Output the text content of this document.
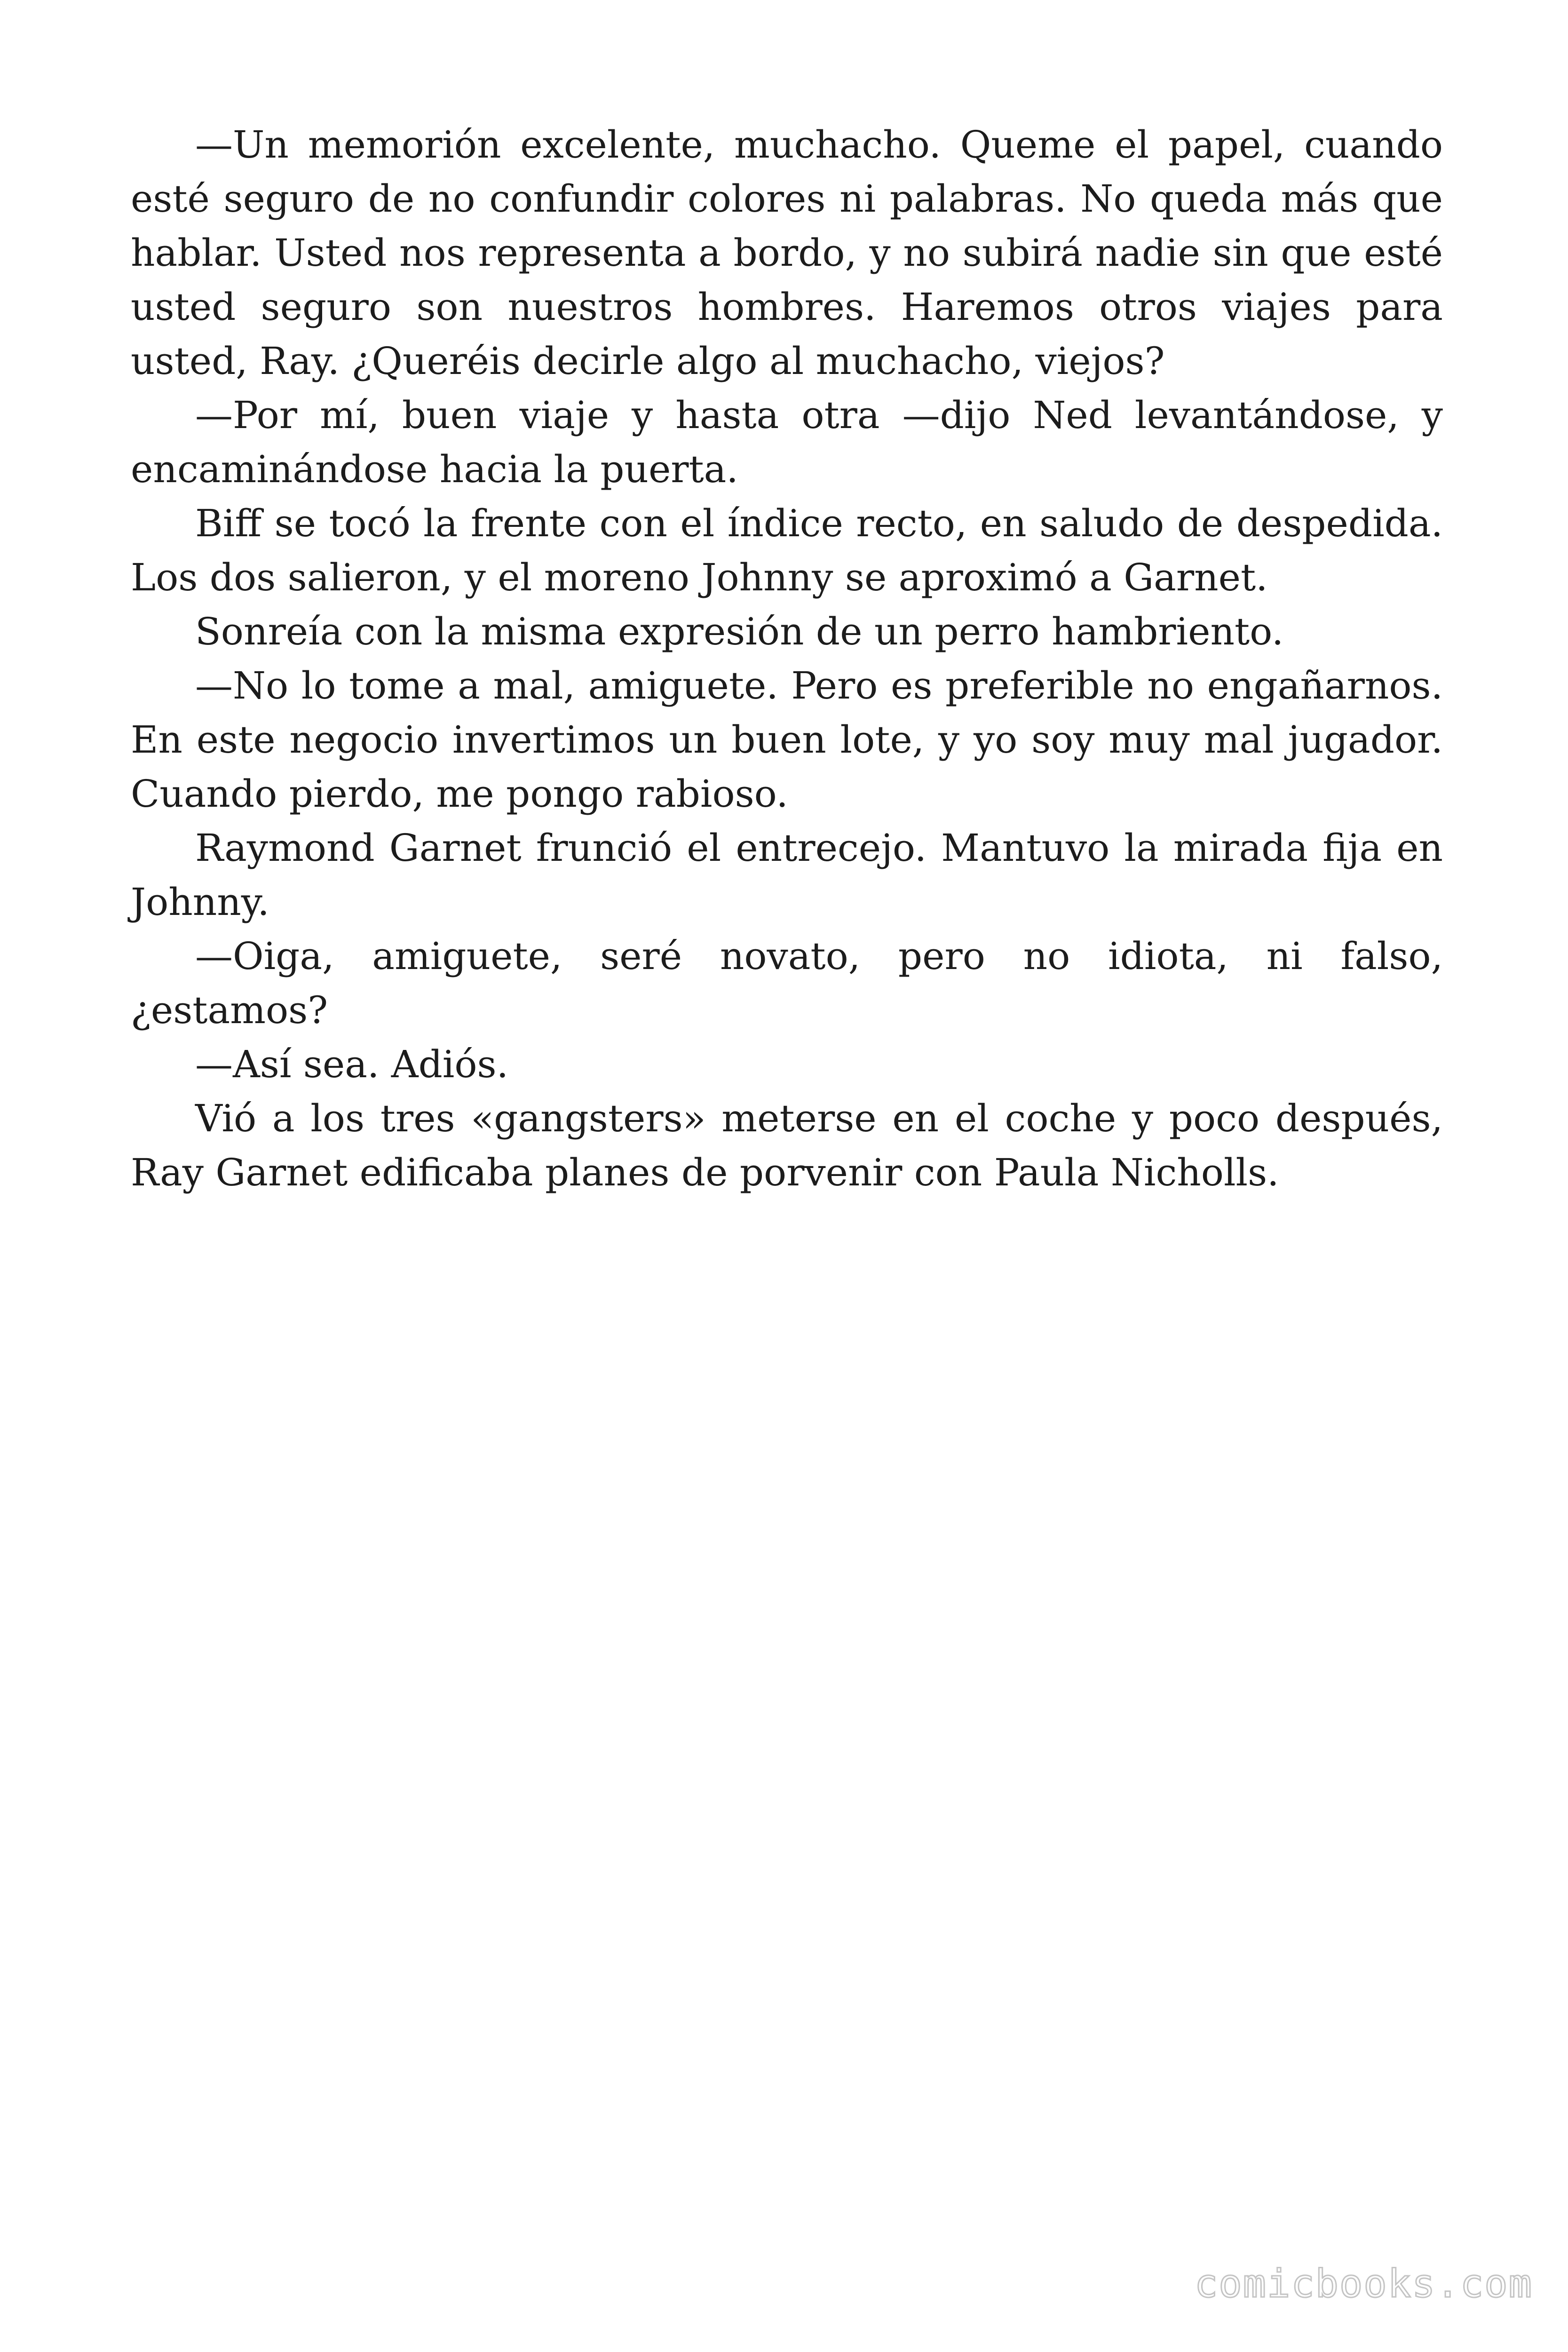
—Un memorión excelente, muchacho. Queme el papel, cuando esté seguro de no confundir colores ni palabras. No queda más que hablar. Usted nos representa a bordo, y no subirá nadie sin que esté usted seguro son nuestros hombres. Haremos otros viajes para usted, Ray. ¿Queréis decirle algo al muchacho, viejos?

—Por mí, buen viaje y hasta otra —dijo Ned levantándose, y encaminándose hacia la puerta.

Biff se tocó la frente con el índice recto, en saludo de despedida. Los dos salieron, y el moreno Johnny se aproximó a Garnet.

Sonreía con la misma expresión de un perro hambriento.

—No lo tome a mal, amiguete. Pero es preferible no engañarnos. En este negocio invertimos un buen lote, y yo soy muy mal jugador. Cuando pierdo, me pongo rabioso.

Raymond Garnet frunció el entrecejo. Mantuvo la mirada fija en Johnny.

—Oiga, amiguete, seré novato, pero no idiota, ni falso, ¿estamos?

—Así sea. Adiós.

Vió a los tres «gangsters» meterse en el coche y poco después, Ray Garnet edificaba planes de porvenir con Paula Nicholls.

comicbooks.com
